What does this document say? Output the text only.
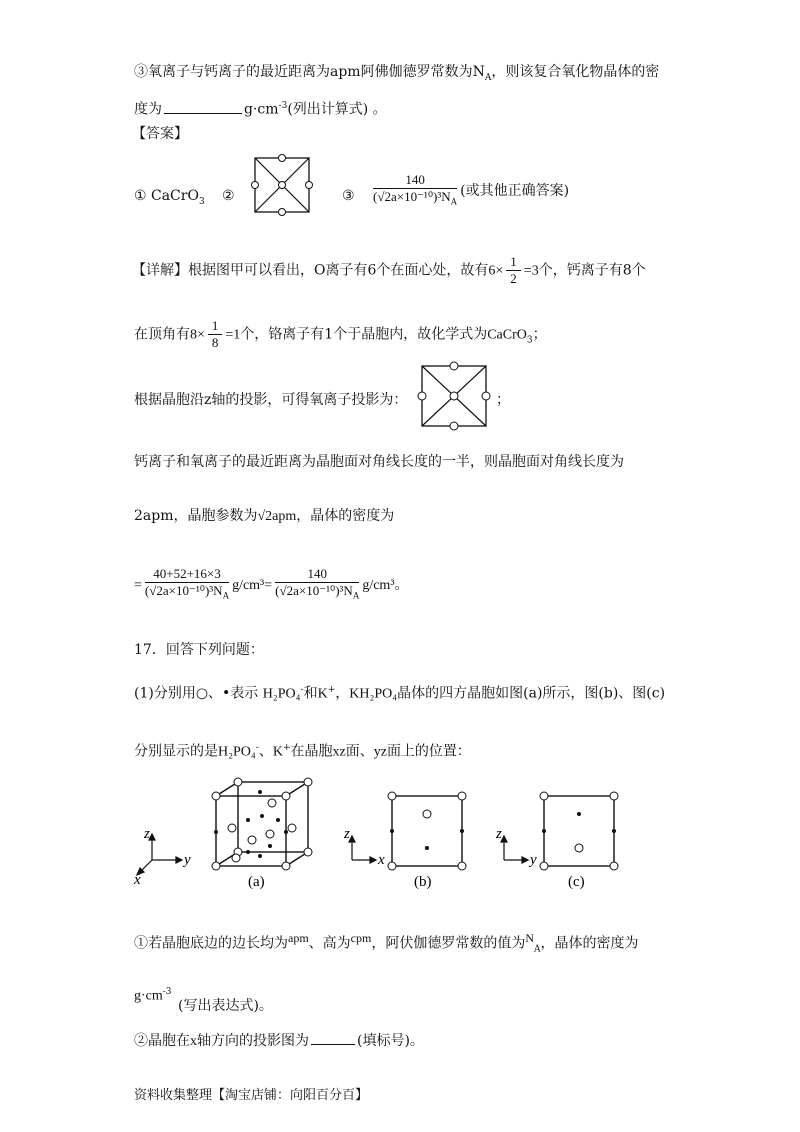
③氧离子与钙离子的最近距离为apm阿佛伽德罗常数为$N_A$，则该复合氧化物晶体的密
度为	$g\cdot cm^{-3}$(列出计算式) 。
【答案】
① CaCrO$_3$ ②	③ $\frac{140}{(√2a\times 10^{-10})^3N_A}$ (或其他正确答案)
【详解】根据图甲可以看出，O离子有6个在面心处，故有$6\times \frac{1}{2} =3$个，钙离子有8个
在顶角有$8\times \frac{1}{8} =1$个，铬离子有1个于晶胞内，故化学式为CaCrO$_3$；
根据晶胞沿z轴的投影，可得氧离子投影为：	；
钙离子和氧离子的最近距离为晶胞面对角线长度的一半，则晶胞面对角线长度为
2apm，晶胞参数为√2apm，晶体的密度为
= $\frac{40+52+16\times 3}{(√2a\times 10^{-10})^3N_A} g/cm^3= \frac{140}{(√2a\times 10^{-10})^3N_A} g/cm^3$。
17．回答下列问题：
(1)分别用○、•表示 H₂PO₄-和K+，KH₂PO₄晶体的四方晶胞如图(a)所示，图(b)、图(c)
分别显示的是H₂PO₄-、K+在晶胞xz面、yz面上的位置：
z
y
x	(a)
z
x
(b)
z
y
(c)
①若晶胞底边的边长均为apm、高为cpm，阿伏伽德罗常数的值为$N_A$，晶体的密度为
$g\cdot cm^{-3}$
(写出表达式)。
②晶胞在x轴方向的投影图为	(填标号)。
资料收集整理【淘宝店铺：向阳百分百】
